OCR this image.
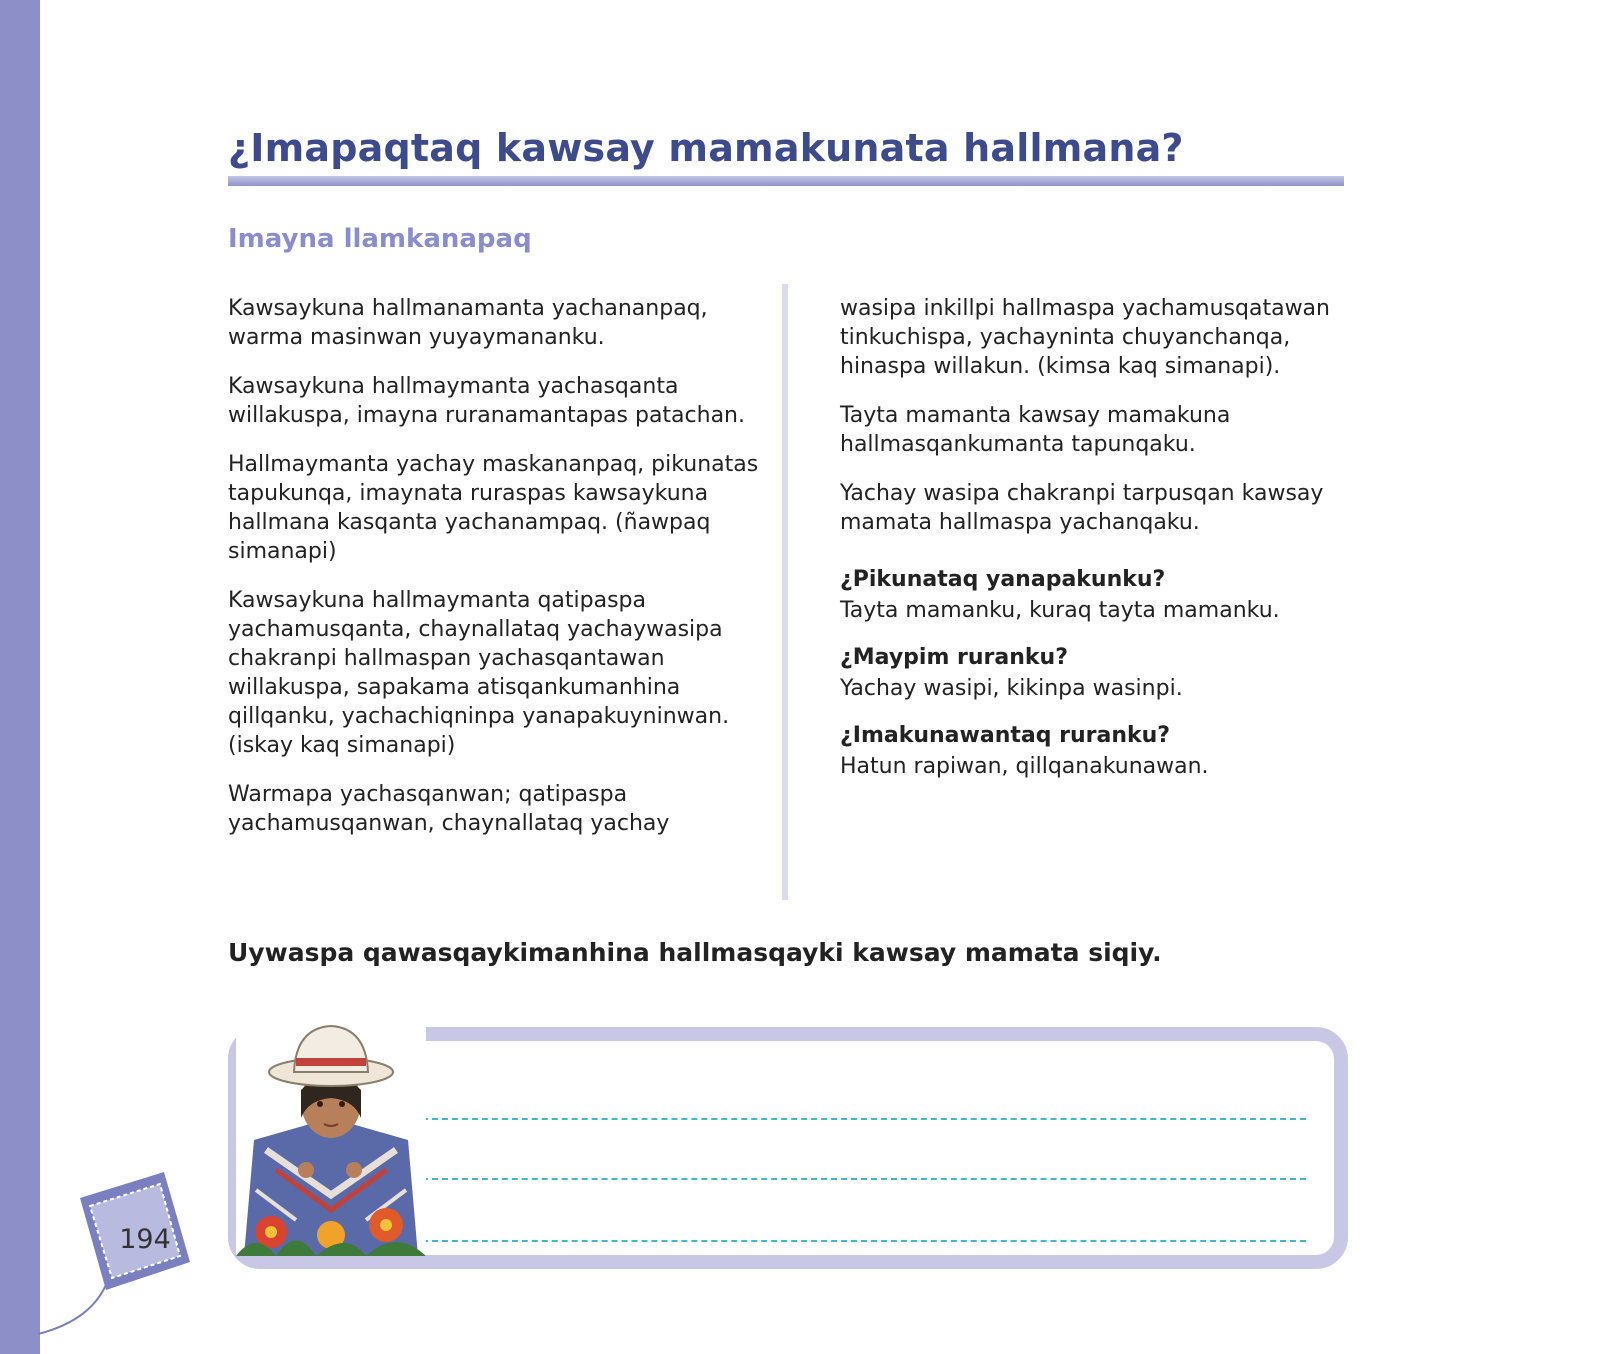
¿Imapaqtaq kawsay mamakunata hallmana?
Imayna llamkanapaq

Kawsaykuna hallmanamanta yachananpaq, warma masinwan yuyaymananku.

Kawsaykuna hallmaymanta yachasqanta willakuspa, imayna ruranamantapas patachan.

Hallmaymanta yachay maskananpaq, pikunatas tapukunqa, imaynata ruraspas kawsaykuna hallmana kasqanta yachanampaq. (ñawpaq simanapi)

Kawsaykuna hallmaymanta qatipaspa yachamusqanta, chaynallataq yachaywasipa chakranpi hallmaspan yachasqantawan willakuspa, sapakama atisqankumanhina qillqanku, yachachiqninpa yanapakuyninwan. (iskay kaq simanapi)

Warmapa yachasqanwan; qatipaspa yachamusqanwan, chaynallataq yachay

wasipa inkillpi hallmaspa yachamusqatawan tinkuchispa, yachayninta chuyanchanqa, hinaspa willakun. (kimsa kaq simanapi).

Tayta mamanta kawsay mamakuna hallmasqankumanta tapunqaku.

Yachay wasipa chakranpi tarpusqan kawsay mamata hallmaspa yachanqaku.

¿Pikunataq yanapakunku?

Tayta mamanku, kuraq tayta mamanku.

¿Maypim ruranku?

Yachay wasipi, kikinpa wasinpi.

¿Imakunawantaq ruranku?

Hatun rapiwan, qillqanakunawan.

Uywaspa qawasqaykimanhina hallmasqayki kawsay mamata siqiy.

194
